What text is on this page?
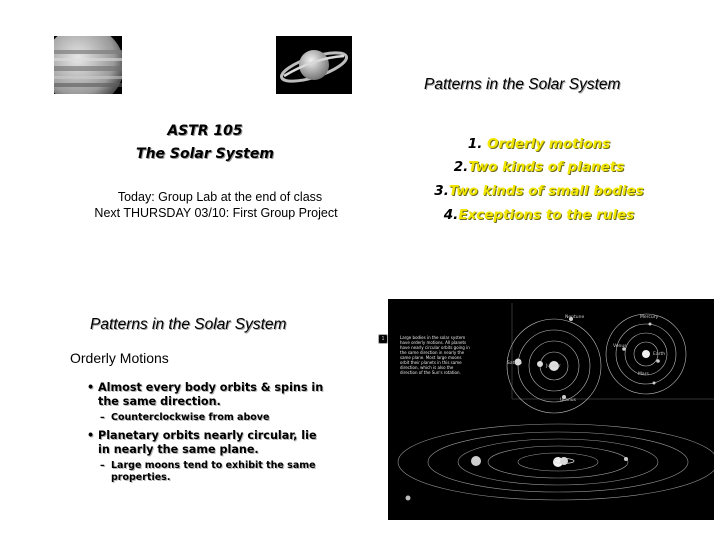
ASTR 105
The Solar System
Today: Group Lab at the end of class
Next THURSDAY 03/10: First Group Project
Patterns in the Solar System
1. Orderly motions
2.Two kinds of planets
3.Two kinds of small bodies
4.Exceptions to the rules
Patterns in the Solar System
Orderly Motions
• Almost every body orbits & spins in the same direction.
– Counterclockwise from above
• Planetary orbits nearly circular, lie in nearly the same plane.
– Large moons tend to exhibit the same properties.
1	Large bodies in the solar system have orderly motions. All planets have nearly circular orbits going in the same direction in nearly the same plane. Most large moons orbit their planets in this same direction, which is also the direction of the Sun's rotation.
Neptune
Saturn
Jupiter
Uranus
Mercury
Venus
Earth
Mars
